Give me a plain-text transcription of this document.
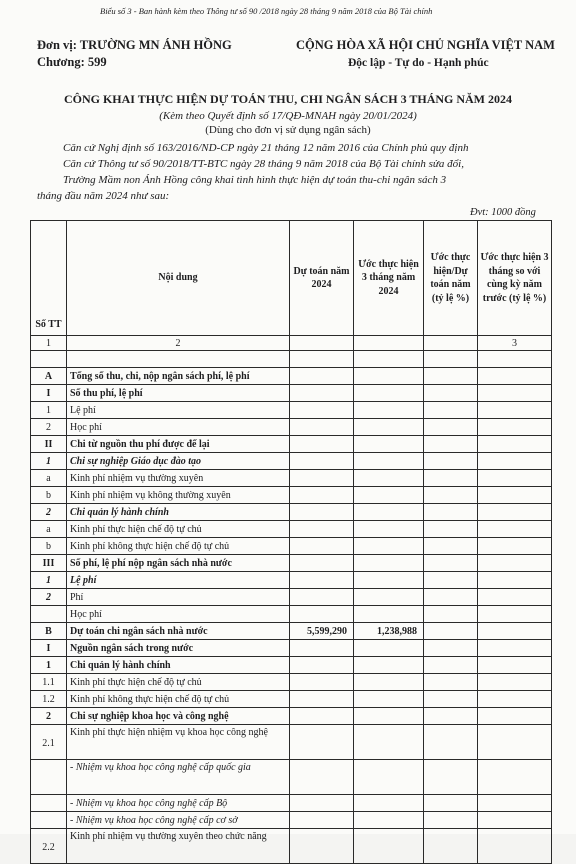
Biểu số 3 - Ban hành kèm theo Thông tư số 90 /2018 ngày 28 tháng 9 năm 2018 của Bộ Tài chính
Đơn vị: TRƯỜNG MN ÁNH HỒNG
Chương: 599
CỘNG HÒA XÃ HỘI CHỦ NGHĨA VIỆT NAM
Độc lập - Tự do - Hạnh phúc
CÔNG KHAI THỰC HIỆN DỰ TOÁN THU, CHI NGÂN SÁCH 3 THÁNG NĂM 2024
(Kèm theo Quyết định số 17/QĐ-MNAH ngày 20/01/2024)
(Dùng cho đơn vị sử dụng ngân sách)
Căn cứ Nghị định số 163/2016/ND-CP ngày 21 tháng 12 năm 2016 của Chính phủ quy định
Căn cứ Thông tư số 90/2018/TT-BTC ngày 28 tháng 9 năm 2018 của Bộ Tài chính sửa đổi,
Trường Mầm non Ánh Hồng công khai tình hình thực hiện dự toán thu-chi ngân sách 3
tháng đầu năm 2024 như sau:
Đvt: 1000 đồng
Số TT	Nội dung	Dự toán năm 2024	Ước thực hiện 3 tháng năm 2024	Ước thực hiện/Dự toán năm (tỷ lệ %)	Ước thực hiện 3 tháng so với cùng kỳ năm trước (tỷ lệ %)
1	2				3

A	Tổng số thu, chi, nộp ngân sách phí, lệ phí				
I	Số thu phí, lệ phí				
1	Lệ phí				
2	Học phí				
II	Chi từ nguồn thu phí được để lại				
1	Chi sự nghiệp Giáo dục đào tạo				
a	Kinh phí nhiệm vụ thường xuyên				
b	Kinh phí nhiệm vụ không thường xuyên				
2	Chi quản lý hành chính				
a	Kinh phí thực hiện chế độ tự chủ				
b	Kinh phí không thực hiện chế độ tự chủ				
III	Số phí, lệ phí nộp ngân sách nhà nước				
1	Lệ phí				
2	Phí				
	Học phí				
B	Dự toán chi ngân sách nhà nước	5,599,290	1,238,988		
I	Nguồn ngân sách trong nước				
1	Chi quản lý hành chính				
1.1	Kinh phí thực hiện chế độ tự chủ				
1.2	Kinh phí không thực hiện chế độ tự chủ				
2	Chi sự nghiệp khoa học và công nghệ				
2.1	Kinh phí thực hiện nhiệm vụ khoa học công nghệ				
	- Nhiệm vụ khoa học công nghệ cấp quốc gia				
	- Nhiệm vụ khoa học công nghệ cấp Bộ				
	- Nhiệm vụ khoa học công nghệ cấp cơ sở				
2.2	Kinh phí nhiệm vụ thường xuyên theo chức năng				
